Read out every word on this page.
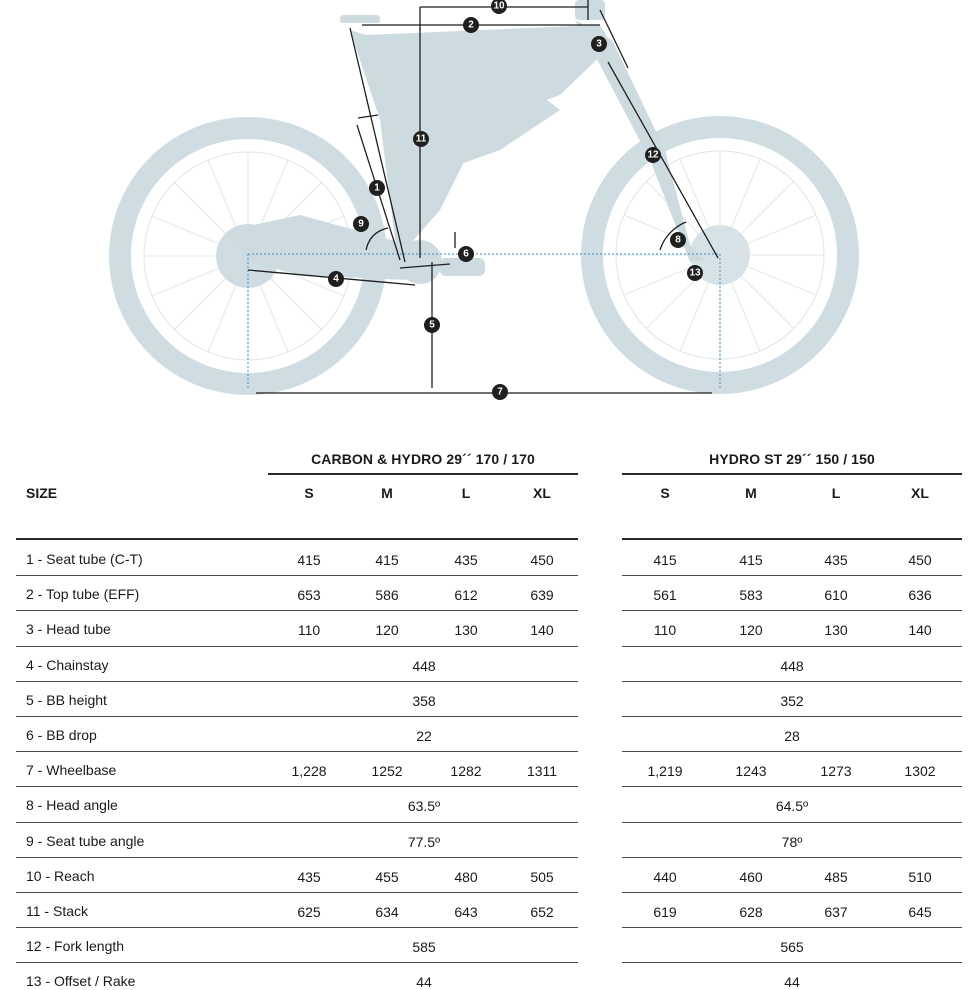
1
2
3
4
5
6
7
8
9
10
11
12
13
CARBON & HYDRO 29´´ 170 / 170	HYDRO ST 29´´ 150 / 150
SIZE	S	M	L	XL	S	M	L	XL
1 - Seat tube (C-T)	415	415	435	450	415	415	435	450
2 - Top tube (EFF)	653	586	612	639	561	583	610	636
3 - Head tube	110	120	130	140	110	120	130	140
4 - Chainstay	448	448
5 - BB height	358	352
6 - BB drop	22	28
7 - Wheelbase	1,228	1252	1282	1311	1,219	1243	1273	1302
8 - Head angle	63.5º	64.5º
9 - Seat tube angle	77.5º	78º
10 - Reach	435	455	480	505	440	460	485	510
11 - Stack	625	634	643	652	619	628	637	645
12 - Fork length	585	565
13 - Offset / Rake	44	44
